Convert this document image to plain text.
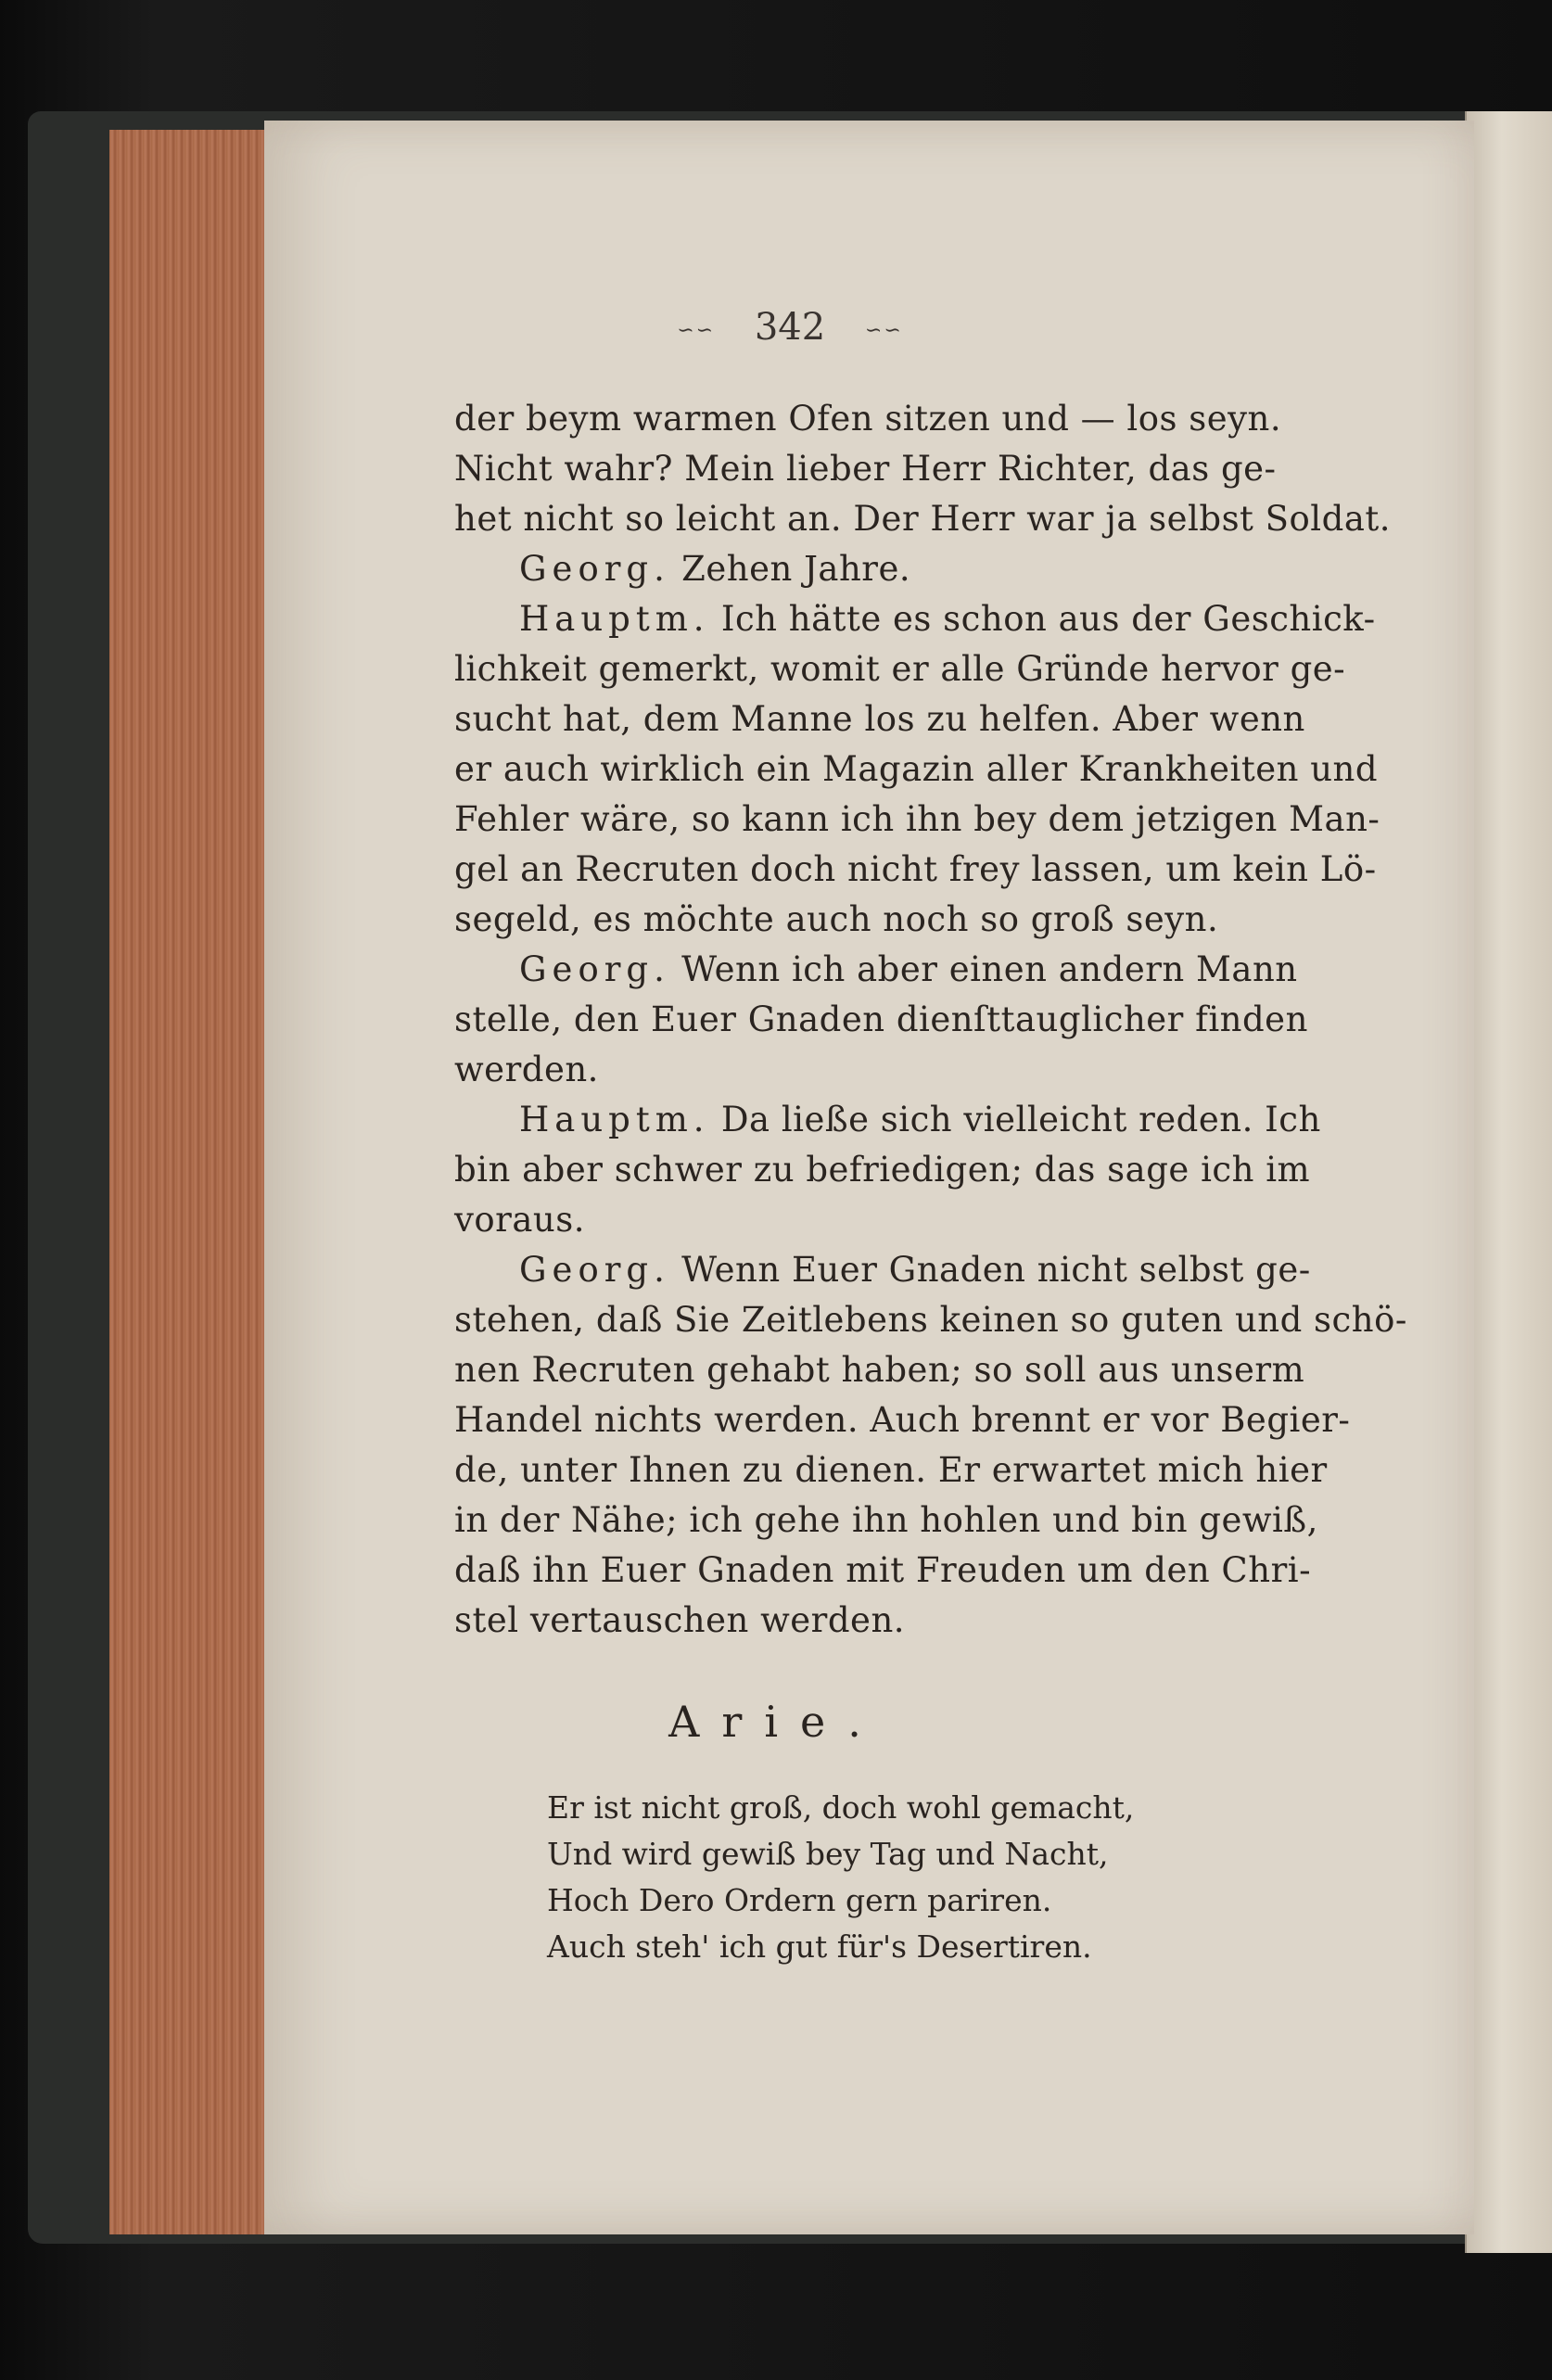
∽∽ 342 ∽∽
der beym warmen Ofen sitzen und — los seyn.
Nicht wahr? Mein lieber Herr Richter, das ge-
het nicht so leicht an. Der Herr war ja selbst Soldat.
Georg. Zehen Jahre.
Hauptm. Ich hätte es schon aus der Geschick-
lichkeit gemerkt, womit er alle Gründe hervor ge-
sucht hat, dem Manne los zu helfen. Aber wenn
er auch wirklich ein Magazin aller Krankheiten und
Fehler wäre, so kann ich ihn bey dem jetzigen Man-
gel an Recruten doch nicht frey lassen, um kein Lö-
segeld, es möchte auch noch so groß seyn.
Georg. Wenn ich aber einen andern Mann
stelle, den Euer Gnaden dienſttauglicher finden
werden.
Hauptm. Da ließe sich vielleicht reden. Ich
bin aber schwer zu befriedigen; das sage ich im
voraus.
Georg. Wenn Euer Gnaden nicht selbst ge-
stehen, daß Sie Zeitlebens keinen so guten und schö-
nen Recruten gehabt haben; so soll aus unserm
Handel nichts werden. Auch brennt er vor Begier-
de, unter Ihnen zu dienen. Er erwartet mich hier
in der Nähe; ich gehe ihn hohlen und bin gewiß,
daß ihn Euer Gnaden mit Freuden um den Chri-
stel vertauschen werden.
Arie.
Er ist nicht groß, doch wohl gemacht,
Und wird gewiß bey Tag und Nacht,
Hoch Dero Ordern gern pariren.
Auch steh' ich gut für's Desertiren.
